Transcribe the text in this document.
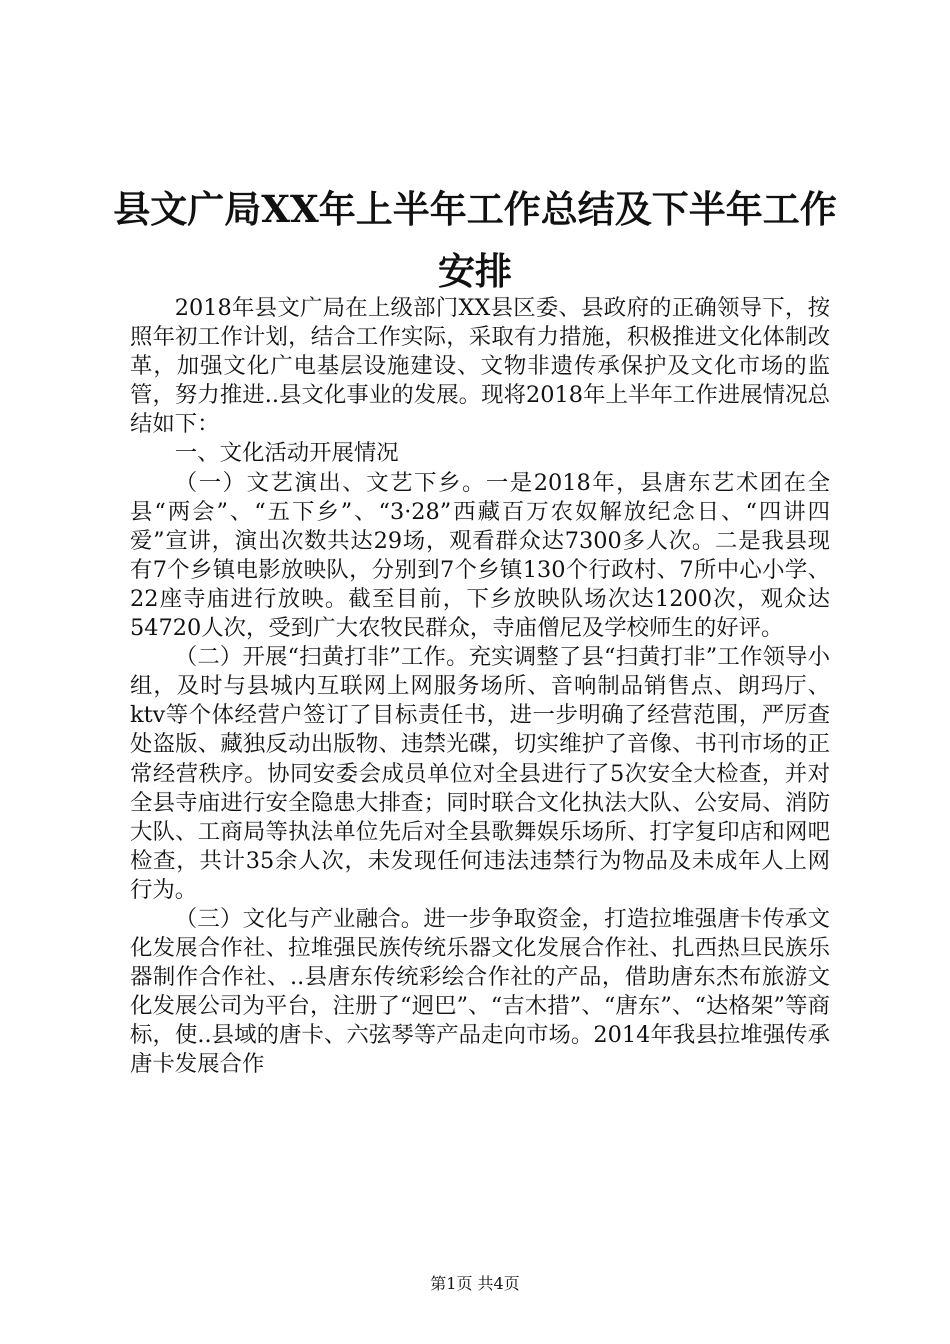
县文广局XX年上半年工作总结及下半年工作安排

2018年县文广局在上级部门XX县区委、县政府的正确领导下，按照年初工作计划，结合工作实际，采取有力措施，积极推进文化体制改革，加强文化广电基层设施建设、文物非遗传承保护及文化市场的监管，努力推进..县文化事业的发展。现将2018年上半年工作进展情况总结如下：

一、文化活动开展情况

（一）文艺演出、文艺下乡。一是2018年，县唐东艺术团在全县“两会”、“五下乡”、“3·28”西藏百万农奴解放纪念日、“四讲四爱”宣讲，演出次数共达29场，观看群众达7300多人次。二是我县现有7个乡镇电影放映队，分别到7个乡镇130个行政村、7所中心小学、22座寺庙进行放映。截至目前，下乡放映队场次达1200次，观众达54720人次，受到广大农牧民群众，寺庙僧尼及学校师生的好评。

（二）开展“扫黄打非”工作。充实调整了县“扫黄打非”工作领导小组，及时与县城内互联网上网服务场所、音响制品销售点、朗玛厅、ktv等个体经营户签订了目标责任书，进一步明确了经营范围，严厉查处盗版、藏独反动出版物、违禁光碟，切实维护了音像、书刊市场的正常经营秩序。协同安委会成员单位对全县进行了5次安全大检查，并对全县寺庙进行安全隐患大排查；同时联合文化执法大队、公安局、消防大队、工商局等执法单位先后对全县歌舞娱乐场所、打字复印店和网吧检查，共计35余人次，未发现任何违法违禁行为物品及未成年人上网行为。

（三）文化与产业融合。进一步争取资金，打造拉堆强唐卡传承文化发展合作社、拉堆强民族传统乐器文化发展合作社、扎西热旦民族乐器制作合作社、..县唐东传统彩绘合作社的产品，借助唐东杰布旅游文化发展公司为平台，注册了“迥巴”、“吉木措”、“唐东”、“达格架”等商标，使..县域的唐卡、六弦琴等产品走向市场。2014年我县拉堆强传承唐卡发展合作

第1页 共4页
